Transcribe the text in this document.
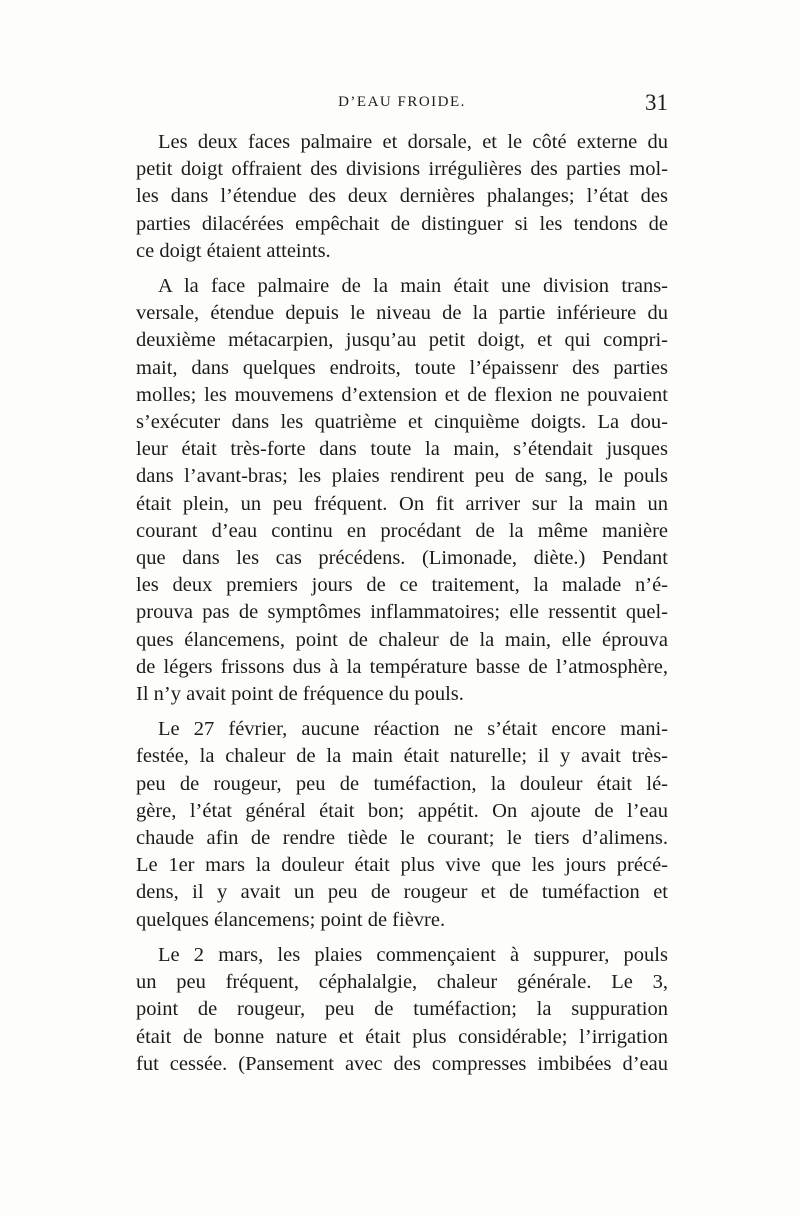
D’EAU FROIDE.	31

Les deux faces palmaire et dorsale, et le côté externe du
petit doigt offraient des divisions irrégulières des parties mol-
les dans l’étendue des deux dernières phalanges; l’état des
parties dilacérées empêchait de distinguer si les tendons de
ce doigt étaient atteints.

A la face palmaire de la main était une division trans-
versale, étendue depuis le niveau de la partie inférieure du
deuxième métacarpien, jusqu’au petit doigt, et qui compri-
mait, dans quelques endroits, toute l’épaissenr des parties
molles; les mouvemens d’extension et de flexion ne pouvaient
s’exécuter dans les quatrième et cinquième doigts. La dou-
leur était très-forte dans toute la main, s’étendait jusques
dans l’avant-bras; les plaies rendirent peu de sang, le pouls
était plein, un peu fréquent. On fit arriver sur la main un
courant d’eau continu en procédant de la même manière
que dans les cas précédens. (Limonade, diète.) Pendant
les deux premiers jours de ce traitement, la malade n’é-
prouva pas de symptômes inflammatoires; elle ressentit quel-
ques élancemens, point de chaleur de la main, elle éprouva
de légers frissons dus à la température basse de l’atmosphère,
Il n’y avait point de fréquence du pouls.

Le 27 février, aucune réaction ne s’était encore mani-
festée, la chaleur de la main était naturelle; il y avait très-
peu de rougeur, peu de tuméfaction, la douleur était lé-
gère, l’état général était bon; appétit. On ajoute de l’eau
chaude afin de rendre tiède le courant; le tiers d’alimens.
Le 1er mars la douleur était plus vive que les jours précé-
dens, il y avait un peu de rougeur et de tuméfaction et
quelques élancemens; point de fièvre.

Le 2 mars, les plaies commençaient à suppurer, pouls
un peu fréquent, céphalalgie, chaleur générale. Le 3,
point de rougeur, peu de tuméfaction; la suppuration
était de bonne nature et était plus considérable; l’irrigation
fut cessée. (Pansement avec des compresses imbibées d’eau
